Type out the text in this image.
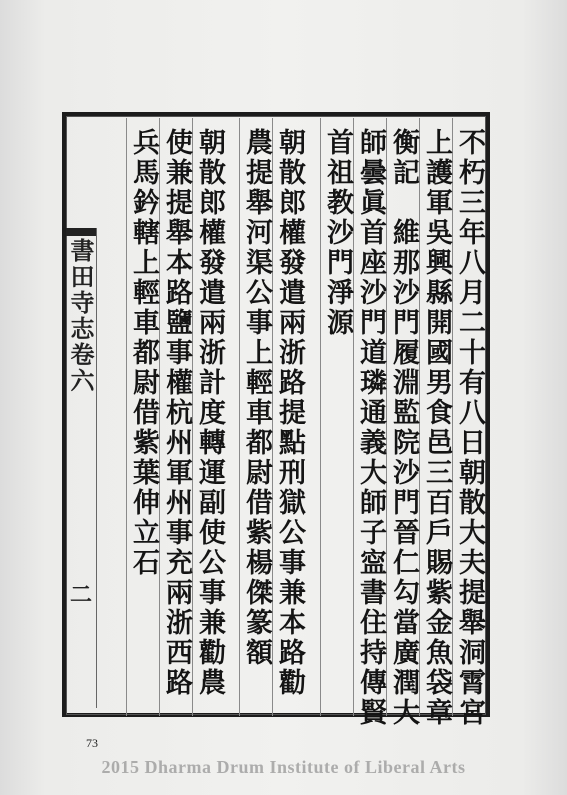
不朽三年八月二十有八日朝散大夫提舉洞霄宮
上護軍吳興縣開國男食邑三百戶賜紫金魚袋章
衡記　維那沙門履淵監院沙門晉仁勾當廣潤大
師曇眞首座沙門道璘通義大師子寍書住持傳賢
首祖教沙門淨源
朝散郎權發遣兩浙路提點刑獄公事兼本路勸
農提舉河渠公事上輕車都尉借紫楊傑篆額
朝散郎權發遣兩浙計度轉運副使公事兼勸農
使兼提舉本路鹽事權杭州軍州事充兩浙西路
兵馬鈐轄上輕車都尉借紫葉伸立石
書田寺志卷六
二
73
2015 Dharma Drum Institute of Liberal Arts
